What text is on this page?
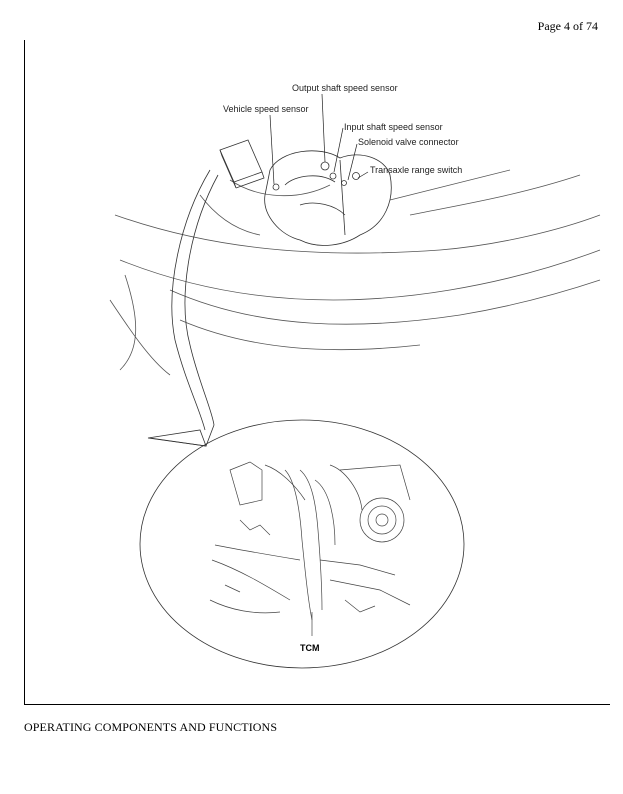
Page 4 of 74
Output shaft speed sensor
Vehicle speed sensor
Input shaft speed sensor
Solenoid valve connector
Transaxle range switch
TCM
OPERATING COMPONENTS AND FUNCTIONS
